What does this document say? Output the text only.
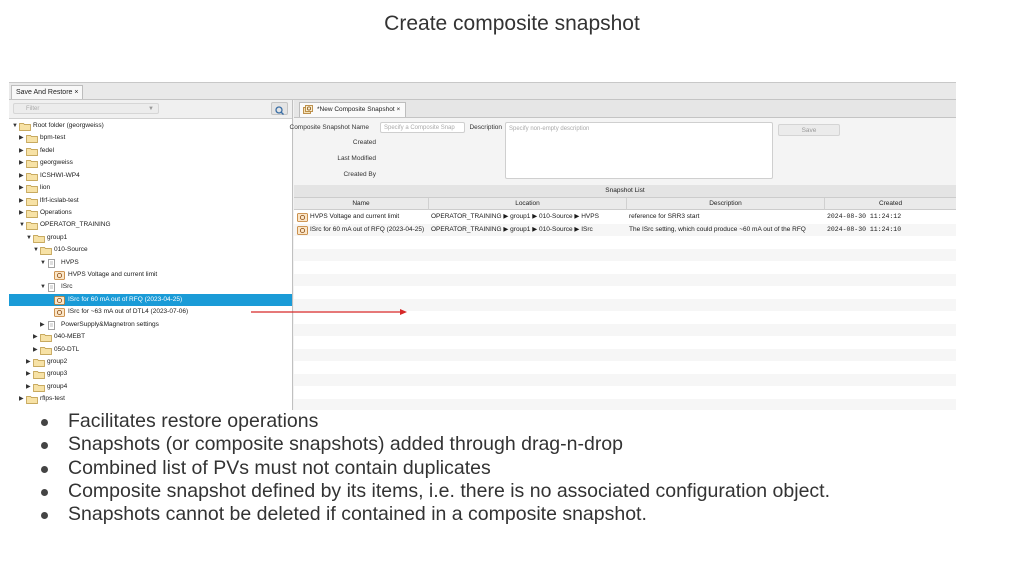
Create composite snapshot
Save And Restore ×
Filter	▼
▼ Root folder (georgweiss)
▶	bpm-test
▶	fedel
▶	georgweiss
▶	ICSHWI-WP4
▶	lion
▶	lfrf-icslab-test
▶	Operations
▼ OPERATOR_TRAINING
▼ group1
▼ 010-Source
▼ HVPS
HVPS Voltage and current limit
▼ ISrc
ISrc for 60 mA out of RFQ (2023-04-25)
ISrc for ~63 mA out of DTL4 (2023-07-06)
▶	PowerSupply&Magnetron settings
▶	040-MEBT
▶	050-DTL
▶	group2
▶	group3
▶	group4
▶	rflps-test
*New Composite Snapshot ×
Composite Snapshot Name	Specify a Composite Snap	Description	Specify non-empty description	Save
Created
Last Modified
Created By
Snapshot List
Name	Location	Description	Created
HVPS Voltage and current limit	OPERATOR_TRAINING ▶ group1 ▶ 010-Source ▶ HVPS	reference for SRR3 start	2024-08-30 11:24:12
ISrc for 60 mA out of RFQ (2023-04-25)	OPERATOR_TRAINING ▶ group1 ▶ 010-Source ▶ ISrc	The ISrc setting, which could produce ~60 mA out of the RFQ	2024-08-30 11:24:10
Facilitates restore operations
Snapshots (or composite snapshots) added through drag-n-drop
Combined list of PVs must not contain duplicates
Composite snapshot defined by its items, i.e. there is no associated configuration object.
Snapshots cannot be deleted if contained in a composite snapshot.
